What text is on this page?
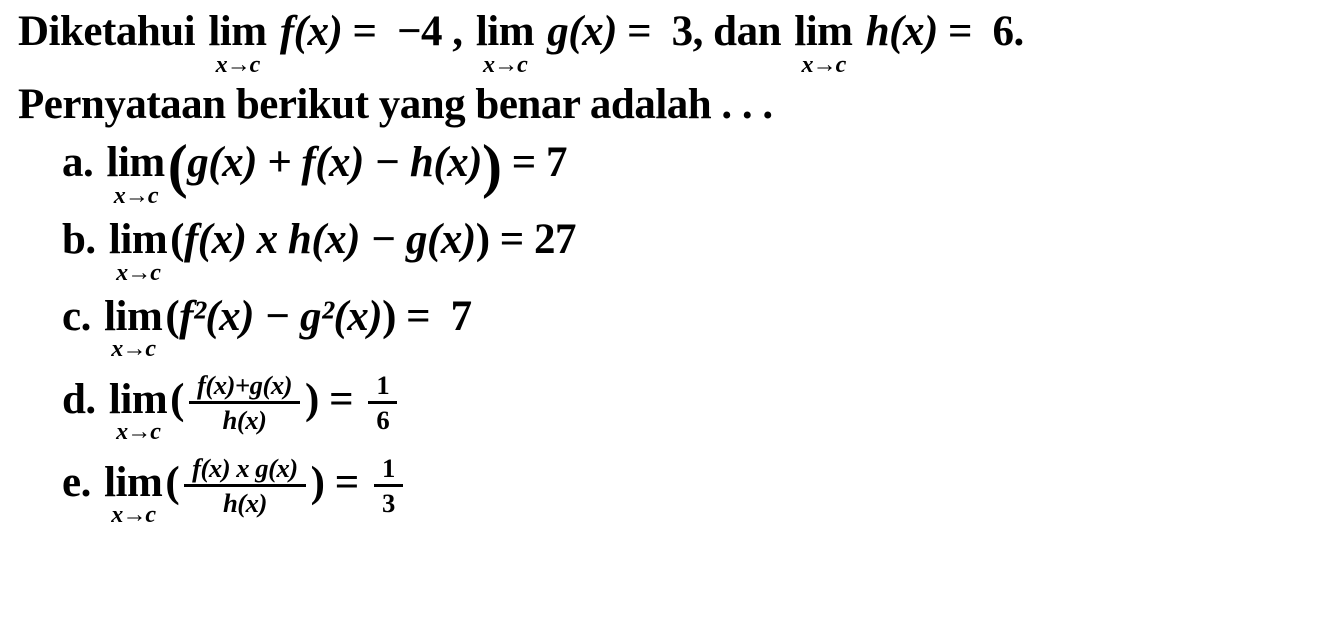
Diketahui lim
x→c
f(x) =  −4 , lim
x→c
g(x) =  3, dan lim
x→c
h(x) =  6.
Pernyataan berikut yang benar adalah . . .
a. lim
x→c (g(x) + f(x) − h(x)) = 7
b. lim
x→c
(f(x) x h(x) − g(x)) = 27
c. lim
x→c
(f²(x) − g²(x)) =  7
d. lim
x→c
( $\frac{f(x)+g(x)}{h(x)}$ ) = $\frac{1}{6}$
e. lim
x→c
( $\frac{\text{f(x) x g(x)}}{h(x)}$ ) = $\frac{1}{3}$
